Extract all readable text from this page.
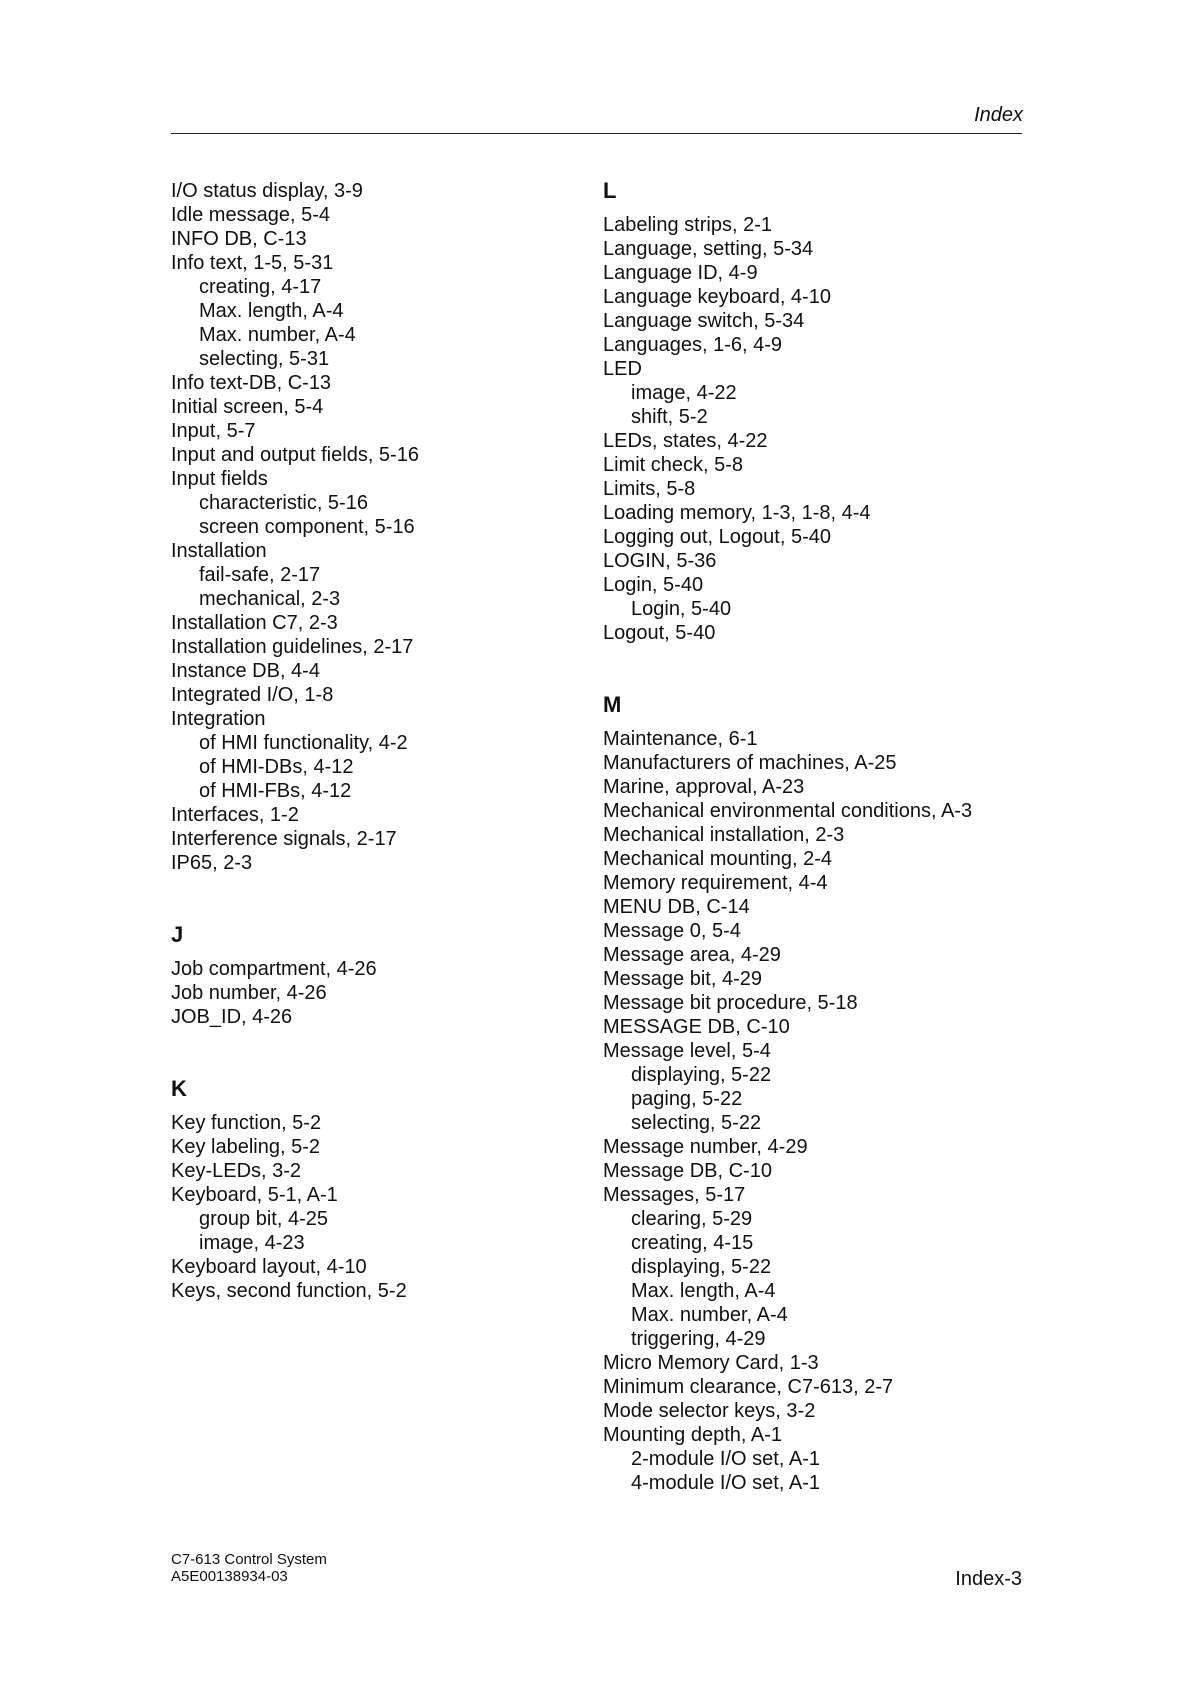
Index
I/O status display, 3-9
Idle message, 5-4
INFO DB, C-13
Info text, 1-5, 5-31
creating, 4-17
Max. length, A-4
Max. number, A-4
selecting, 5-31
Info text-DB, C-13
Initial screen, 5-4
Input, 5-7
Input and output fields, 5-16
Input fields
characteristic, 5-16
screen component, 5-16
Installation
fail-safe, 2-17
mechanical, 2-3
Installation C7, 2-3
Installation guidelines, 2-17
Instance DB, 4-4
Integrated I/O, 1-8
Integration
of HMI functionality, 4-2
of HMI-DBs, 4-12
of HMI-FBs, 4-12
Interfaces, 1-2
Interference signals, 2-17
IP65, 2-3
J
Job compartment, 4-26
Job number, 4-26
JOB_ID, 4-26
K
Key function, 5-2
Key labeling, 5-2
Key-LEDs, 3-2
Keyboard, 5-1, A-1
group bit, 4-25
image, 4-23
Keyboard layout, 4-10
Keys, second function, 5-2
L
Labeling strips, 2-1
Language, setting, 5-34
Language ID, 4-9
Language keyboard, 4-10
Language switch, 5-34
Languages, 1-6, 4-9
LED
image, 4-22
shift, 5-2
LEDs, states, 4-22
Limit check, 5-8
Limits, 5-8
Loading memory, 1-3, 1-8, 4-4
Logging out, Logout, 5-40
LOGIN, 5-36
Login, 5-40
Login, 5-40
Logout, 5-40
M
Maintenance, 6-1
Manufacturers of machines, A-25
Marine, approval, A-23
Mechanical environmental conditions, A-3
Mechanical installation, 2-3
Mechanical mounting, 2-4
Memory requirement, 4-4
MENU DB, C-14
Message 0, 5-4
Message area, 4-29
Message bit, 4-29
Message bit procedure, 5-18
MESSAGE DB, C-10
Message level, 5-4
displaying, 5-22
paging, 5-22
selecting, 5-22
Message number, 4-29
Message DB, C-10
Messages, 5-17
clearing, 5-29
creating, 4-15
displaying, 5-22
Max. length, A-4
Max. number, A-4
triggering, 4-29
Micro Memory Card, 1-3
Minimum clearance, C7-613, 2-7
Mode selector keys, 3-2
Mounting depth, A-1
2-module I/O set, A-1
4-module I/O set, A-1
C7-613 Control System
A5E00138934-03	Index-3
